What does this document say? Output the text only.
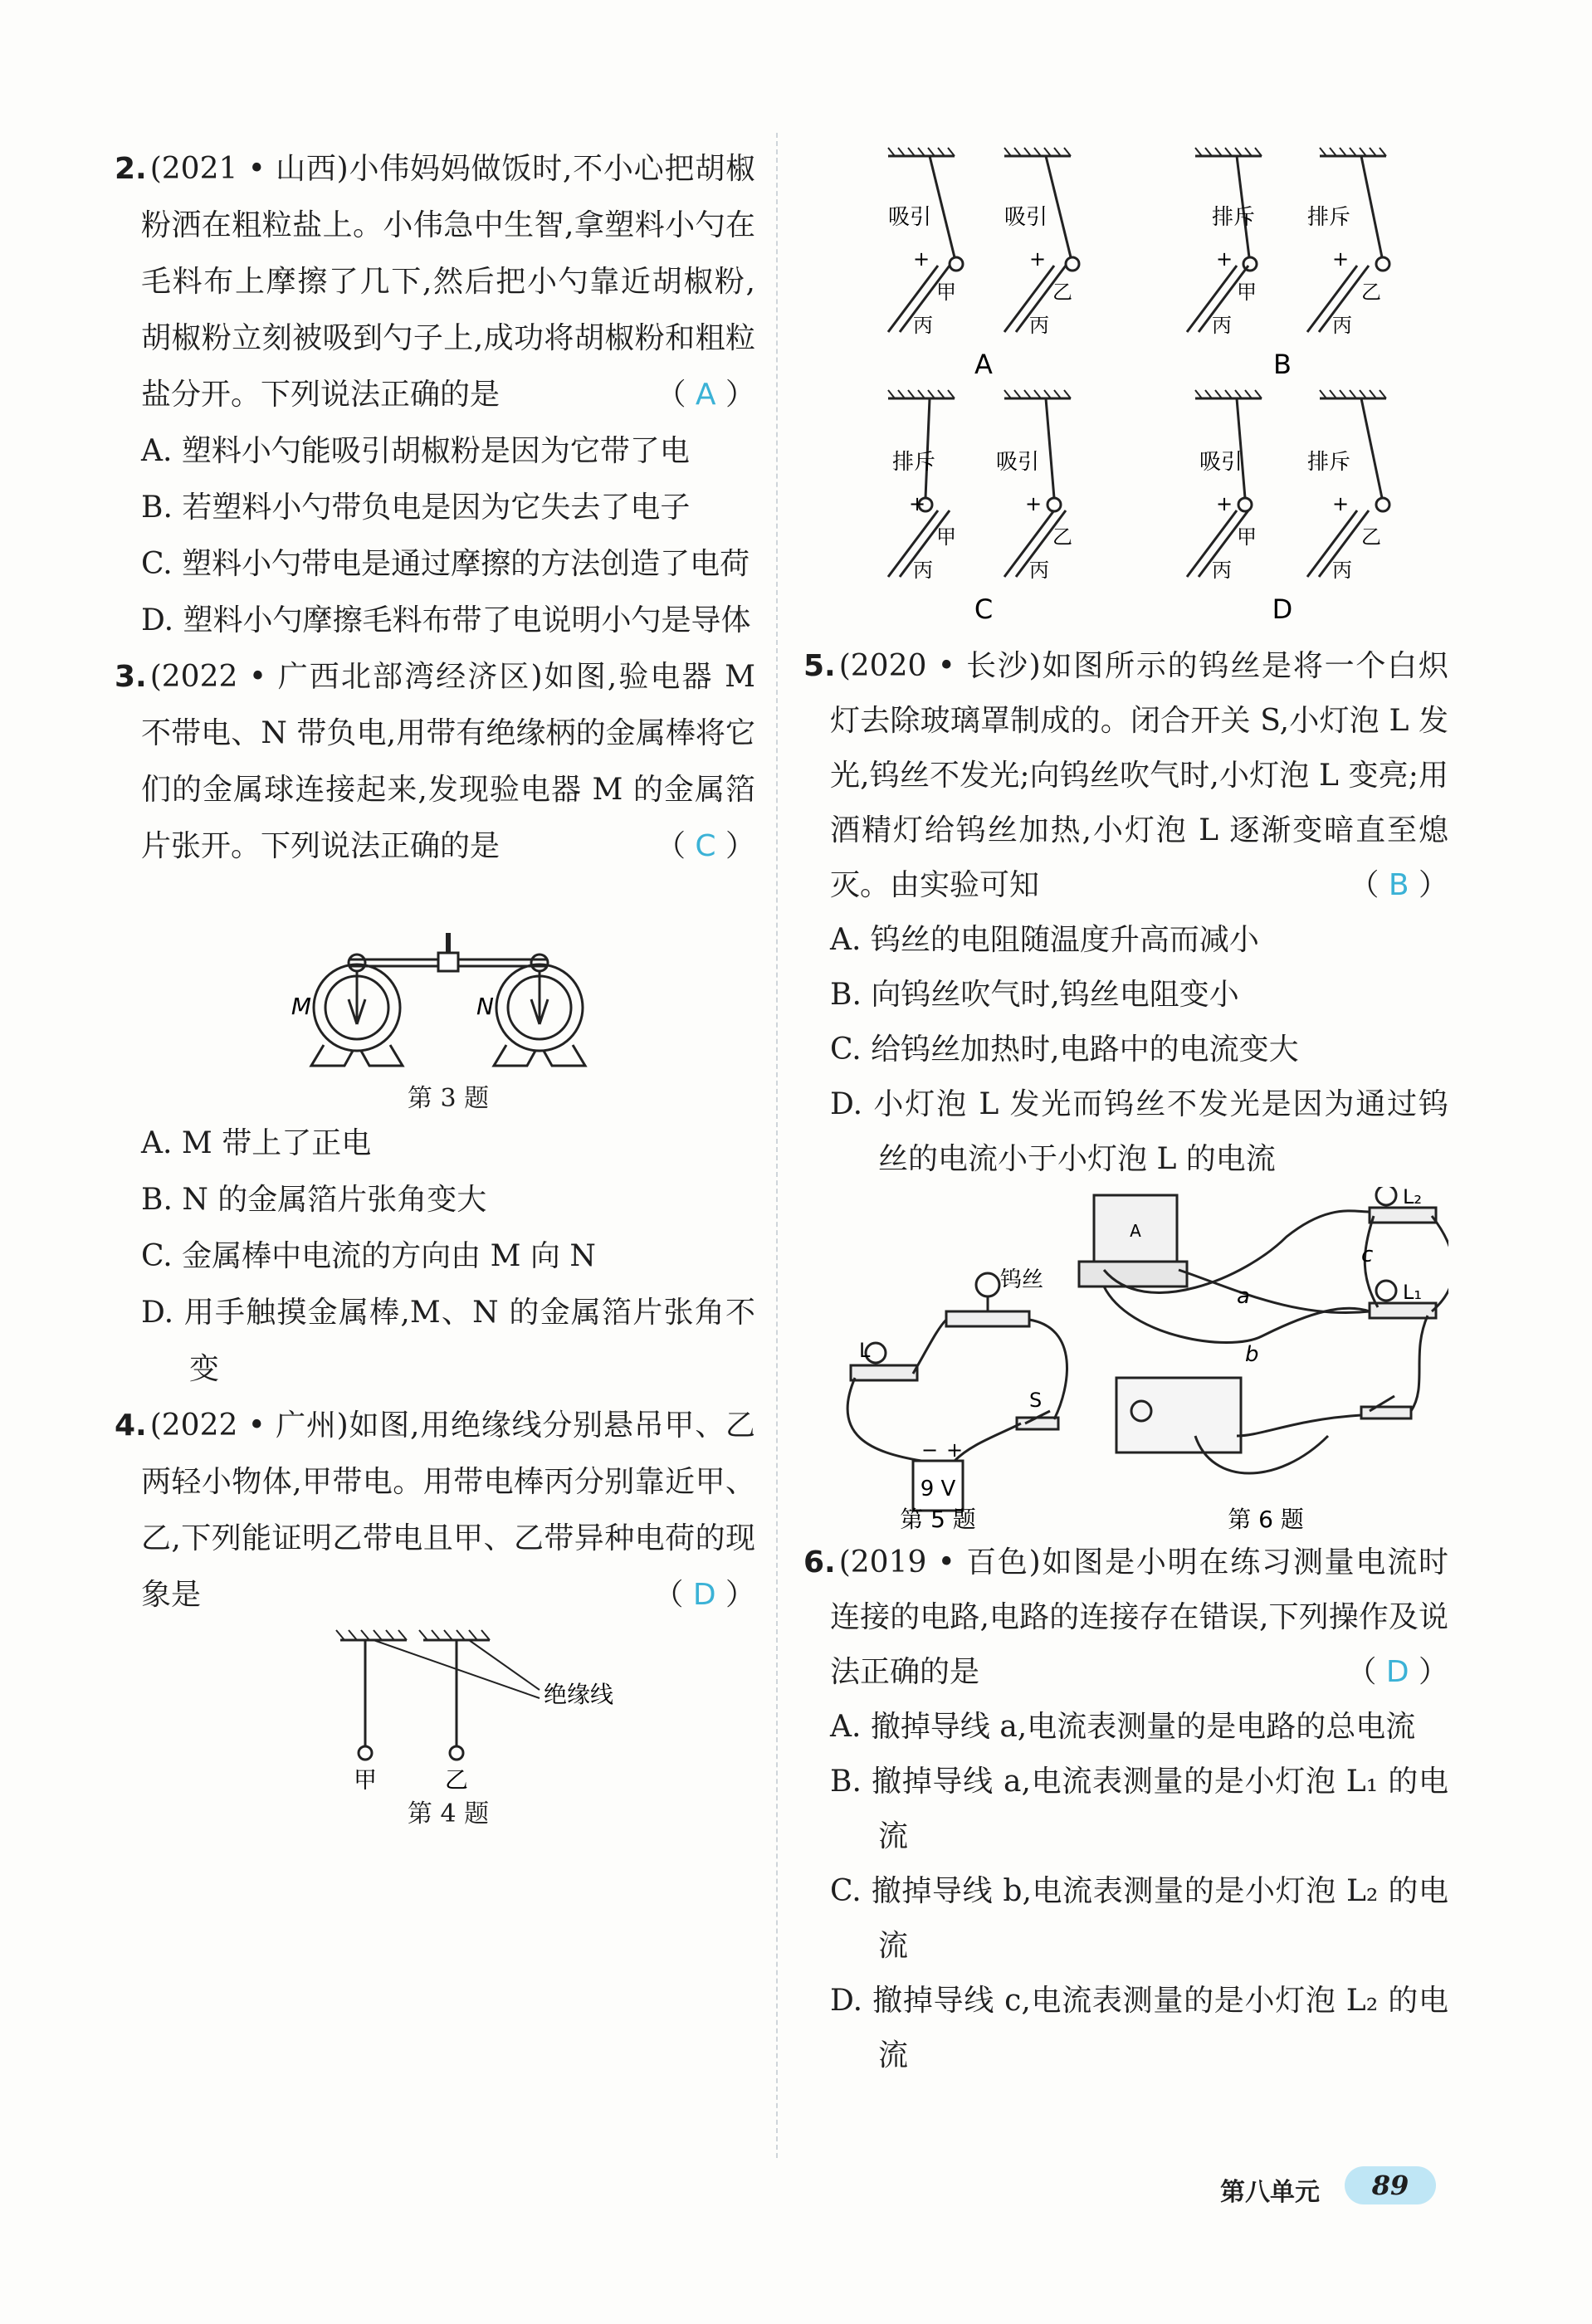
2. (2021 • 山西)小伟妈妈做饭时,不小心把胡椒粉洒在粗粒盐上。小伟急中生智,拿塑料小勺在毛料布上摩擦了几下,然后把小勺靠近胡椒粉,胡椒粉立刻被吸到勺子上,成功将胡椒粉和粗粒盐分开。下列说法正确的是	（ A ）
A. 塑料小勺能吸引胡椒粉是因为它带了电
B. 若塑料小勺带负电是因为它失去了电子
C. 塑料小勺带电是通过摩擦的方法创造了电荷
D. 塑料小勺摩擦毛料布带了电说明小勺是导体
3. (2022 • 广西北部湾经济区)如图,验电器 M 不带电、N 带负电,用带有绝缘柄的金属棒将它们的金属球连接起来,发现验电器 M 的金属箔片张开。下列说法正确的是	（ C ）
M	N
第 3 题
A. M 带上了正电
B. N 的金属箔片张角变大
C. 金属棒中电流的方向由 M 向 N
D. 用手触摸金属棒,M、N 的金属箔片张角不变
4. (2022 • 广州)如图,用绝缘线分别悬吊甲、乙两轻小物体,甲带电。用带电棒丙分别靠近甲、乙,下列能证明乙带电且甲、乙带异种电荷的现象是	（ D ）
绝缘线
甲	乙
第 4 题
吸引	吸引
+	+
甲	乙
丙	丙
A
排斥 排斥
+	+
甲	乙
丙	丙
B
排斥	吸引
+	+
甲	乙
丙	丙
C
吸引	排斥
+	+
甲	乙
丙	丙
D
5. (2020 • 长沙)如图所示的钨丝是将一个白炽灯去除玻璃罩制成的。闭合开关 S,小灯泡 L 发光,钨丝不发光;向钨丝吹气时,小灯泡 L 变亮;用酒精灯给钨丝加热,小灯泡 L 逐渐变暗直至熄灭。由实验可知	（ B ）
A. 钨丝的电阻随温度升高而减小
B. 向钨丝吹气时,钨丝电阻变小
C. 给钨丝加热时,电路中的电流变大
D. 小灯泡 L 发光而钨丝不发光是因为通过钨丝的电流小于小灯泡 L 的电流
L
钨丝
S
− +
9 V
第 5 题
A
L₂
L₁
a
b
c
第 6 题
6. (2019 • 百色)如图是小明在练习测量电流时连接的电路,电路的连接存在错误,下列操作及说法正确的是	（ D ）
A. 撤掉导线 a,电流表测量的是电路的总电流
B. 撤掉导线 a,电流表测量的是小灯泡 L₁ 的电流
C. 撤掉导线 b,电流表测量的是小灯泡 L₂ 的电流
D. 撤掉导线 c,电流表测量的是小灯泡 L₂ 的电流
第八单元	89
